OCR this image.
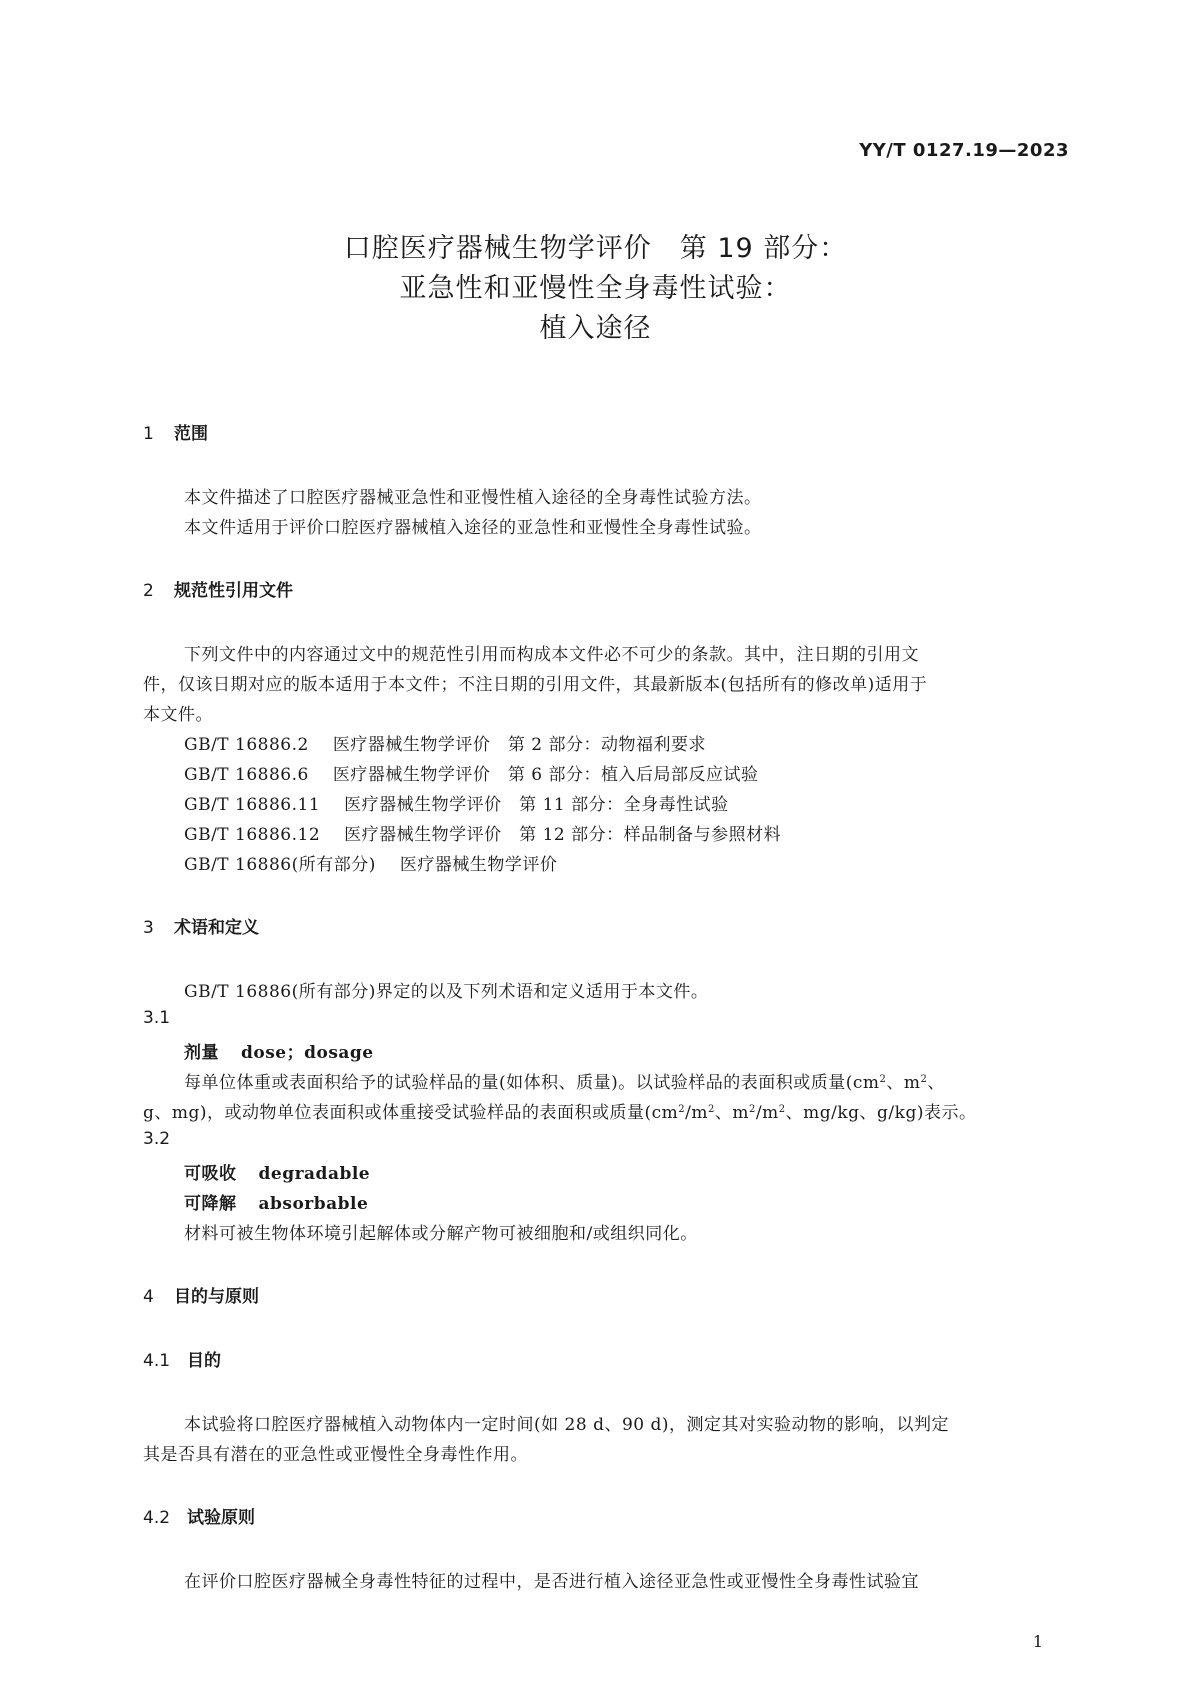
YY/T 0127.19—2023
口腔医疗器械生物学评价　第 19 部分：
亚急性和亚慢性全身毒性试验：
植入途径
1 范围
本文件描述了口腔医疗器械亚急性和亚慢性植入途径的全身毒性试验方法。
本文件适用于评价口腔医疗器械植入途径的亚急性和亚慢性全身毒性试验。
2 规范性引用文件
下列文件中的内容通过文中的规范性引用而构成本文件必不可少的条款。其中，注日期的引用文
件，仅该日期对应的版本适用于本文件；不注日期的引用文件，其最新版本(包括所有的修改单)适用于
本文件。
GB/T 16886.2 医疗器械生物学评价　第 2 部分：动物福利要求
GB/T 16886.6 医疗器械生物学评价　第 6 部分：植入后局部反应试验
GB/T 16886.11 医疗器械生物学评价　第 11 部分：全身毒性试验
GB/T 16886.12 医疗器械生物学评价　第 12 部分：样品制备与参照材料
GB/T 16886(所有部分) 医疗器械生物学评价
3 术语和定义
GB/T 16886(所有部分)界定的以及下列术语和定义适用于本文件。
3.1
剂量 dose；dosage
每单位体重或表面积给予的试验样品的量(如体积、质量)。以试验样品的表面积或质量($cm^2$、$m^2$、
g、mg)，或动物单位表面积或体重接受试验样品的表面积或质量($cm^2/m^2$、$m^2/m^2$、mg/kg、g/kg)表示。
3.2
可吸收 degradable
可降解 absorbable
材料可被生物体环境引起解体或分解产物可被细胞和/或组织同化。
4 目的与原则
4.1 目的
本试验将口腔医疗器械植入动物体内一定时间(如 28 d、90 d)，测定其对实验动物的影响，以判定
其是否具有潜在的亚急性或亚慢性全身毒性作用。
4.2 试验原则
在评价口腔医疗器械全身毒性特征的过程中，是否进行植入途径亚急性或亚慢性全身毒性试验宜
1
